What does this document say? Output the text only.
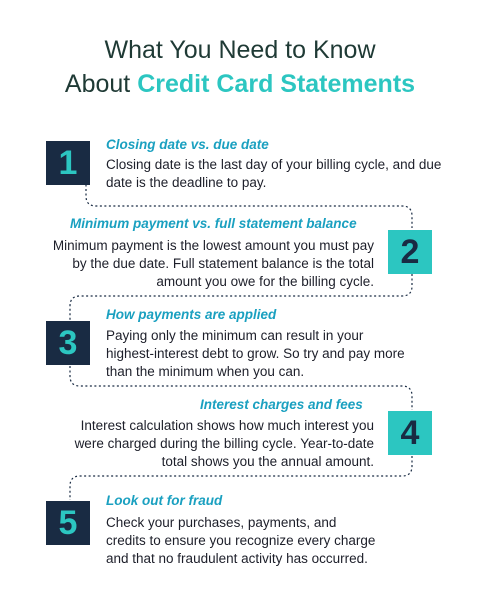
What You Need to Know
About Credit Card Statements
1 Closing date vs. due date
Closing date is the last day of your billing cycle, and due date is the deadline to pay.
2
Minimum payment vs. full statement balance
Minimum payment is the lowest amount you must pay by the due date. Full statement balance is the total amount you owe for the billing cycle.
3
How payments are applied
Paying only the minimum can result in your highest-interest debt to grow. So try and pay more than the minimum when you can.
4
Interest charges and fees
Interest calculation shows how much interest you were charged during the billing cycle. Year-to-date total shows you the annual amount.
5
Look out for fraud
Check your purchases, payments, and credits to ensure you recognize every charge and that no fraudulent activity has occurred.
